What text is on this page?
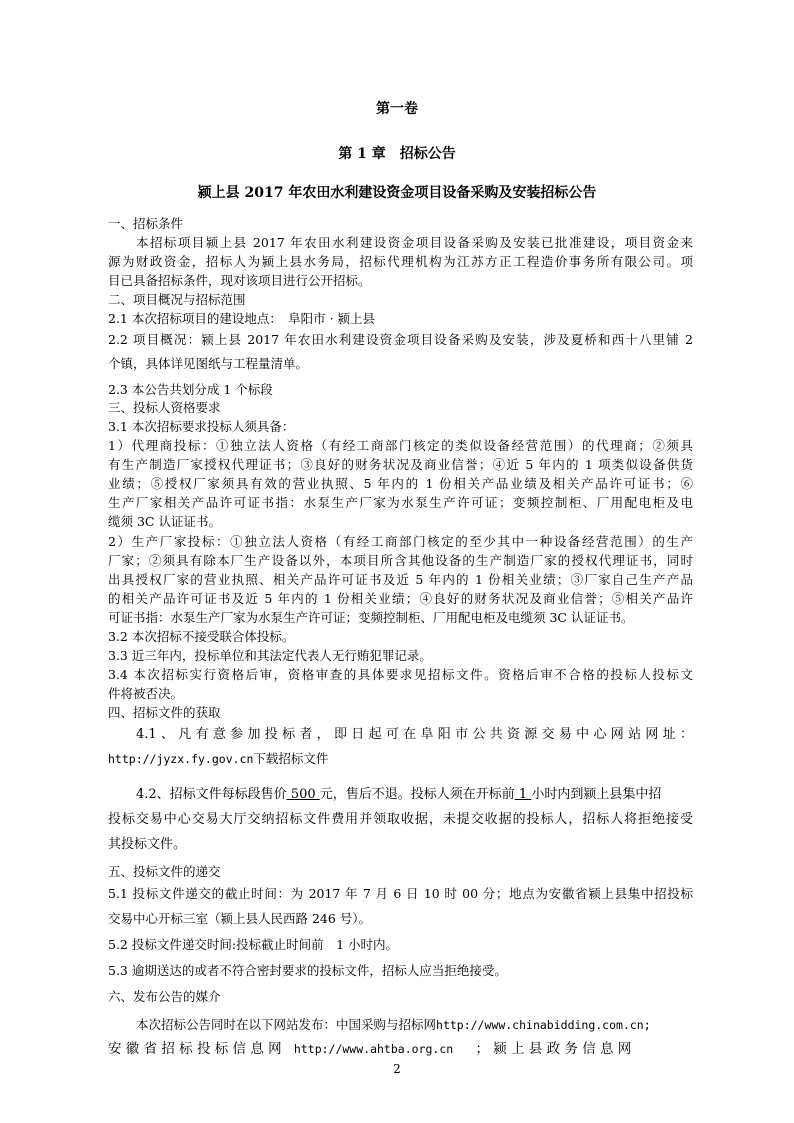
第一卷
第 1 章 招标公告
颍上县 2017 年农田水利建设资金项目设备采购及安装招标公告
一、招标条件
本招标项目颍上县 2017 年农田水利建设资金项目设备采购及安装已批准建设，项目资金来
源为财政资金，招标人为颍上县水务局，招标代理机构为江苏方正工程造价事务所有限公司。项
目已具备招标条件，现对该项目进行公开招标。
二、项目概况与招标范围
2.1 本次招标项目的建设地点：　阜阳市 · 颍上县
2.2 项目概况：颍上县 2017 年农田水利建设资金项目设备采购及安装，涉及夏桥和西十八里铺 2
个镇，具体详见图纸与工程量清单。
2.3 本公告共划分成 1 个标段
三、投标人资格要求
3.1 本次招标要求投标人须具备：
1）代理商投标：①独立法人资格（有经工商部门核定的类似设备经营范围）的代理商；②须具
有生产制造厂家授权代理证书；③良好的财务状况及商业信誉；④近 5 年内的 1 项类似设备供货
业绩；⑤授权厂家须具有效的营业执照、5 年内的 1 份相关产品业绩及相关产品许可证书；⑥
生产厂家相关产品许可证书指：水泵生产厂家为水泵生产许可证；变频控制柜、厂用配电柜及电
缆须 3C 认证证书。
2）生产厂家投标：①独立法人资格（有经工商部门核定的至少其中一种设备经营范围）的生产
厂家；②须具有除本厂生产设备以外，本项目所含其他设备的生产制造厂家的授权代理证书，同时
出具授权厂家的营业执照、相关产品许可证书及近 5 年内的 1 份相关业绩；③厂家自己生产产品
的相关产品许可证书及近 5 年内的 1 份相关业绩；④良好的财务状况及商业信誉；⑤相关产品许
可证书指：水泵生产厂家为水泵生产许可证；变频控制柜、厂用配电柜及电缆须 3C 认证证书。
3.2 本次招标不接受联合体投标。
3.3 近三年内，投标单位和其法定代表人无行贿犯罪记录。
3.4 本次招标实行资格后审，资格审查的具体要求见招标文件。资格后审不合格的投标人投标文
件将被否决。
四、招标文件的获取
4.1、凡有意参加投标者，即日起可在阜阳市公共资源交易中心网站网址：
http://jyzx.fy.gov.cn下载招标文件
4.2、招标文件每标段售价 500 元，售后不退。投标人须在开标前 1 小时内到颍上县集中招
投标交易中心交易大厅交纳招标文件费用并领取收据，未提交收据的投标人，招标人将拒绝接受
其投标文件。
五、投标文件的递交
5.1 投标文件递交的截止时间：为 2017 年 7 月 6 日 10 时 00 分；地点为安徽省颍上县集中招投标
交易中心开标三室（颍上县人民西路 246 号）。
5.2 投标文件递交时间:投标截止时间前　1 小时内。
5.3 逾期送达的或者不符合密封要求的投标文件，招标人应当拒绝接受。
六、发布公告的媒介
本次招标公告同时在以下网站发布：中国采购与招标网http://www.chinabidding.com.cn;
安 徽 省 招 标 投 标 信 息 网 http://www.ahtba.org.cn ； 颍 上 县 政 务 信 息 网
2
